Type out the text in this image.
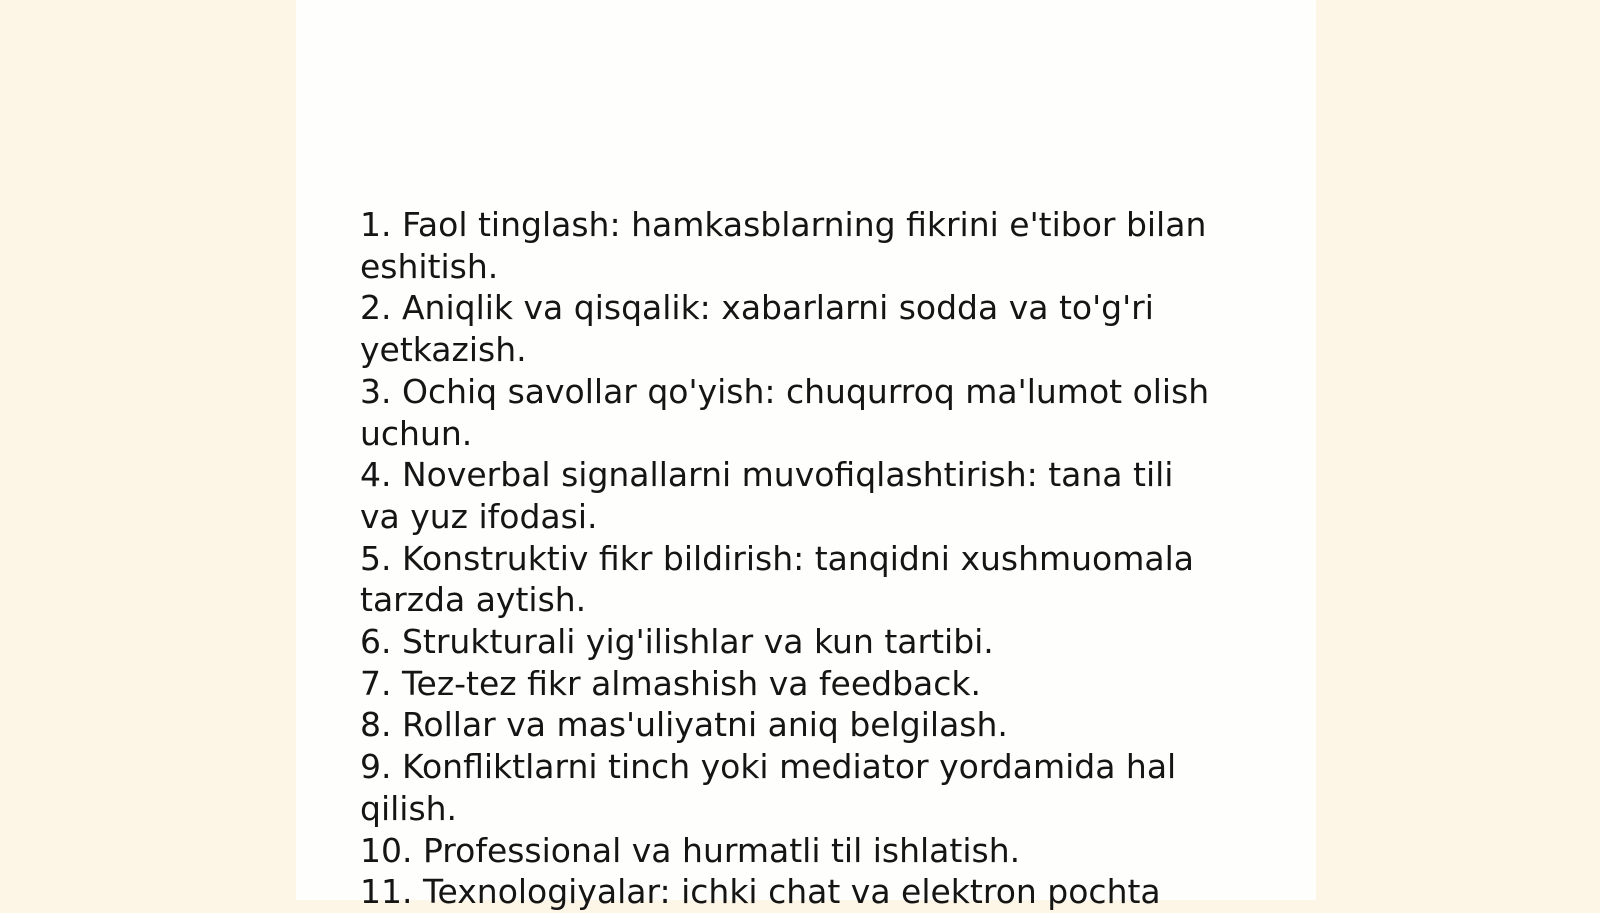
1. Faol tinglash: hamkasblarning fikrini e'tibor bilan eshitish.
2. Aniqlik va qisqalik: xabarlarni sodda va to'g'ri yetkazish.
3. Ochiq savollar qo'yish: chuqurroq ma'lumot olish uchun.
4. Noverbal signallarni muvofiqlashtirish: tana tili va yuz ifodasi.
5. Konstruktiv fikr bildirish: tanqidni xushmuomala tarzda aytish.
6. Strukturali yig'ilishlar va kun tartibi.
7. Tez-tez fikr almashish va feedback.
8. Rollar va mas'uliyatni aniq belgilash.
9. Konfliktlarni tinch yoki mediator yordamida hal qilish.
10. Professional va hurmatli til ishlatish.
11. Texnologiyalar: ichki chat va elektron pochta
